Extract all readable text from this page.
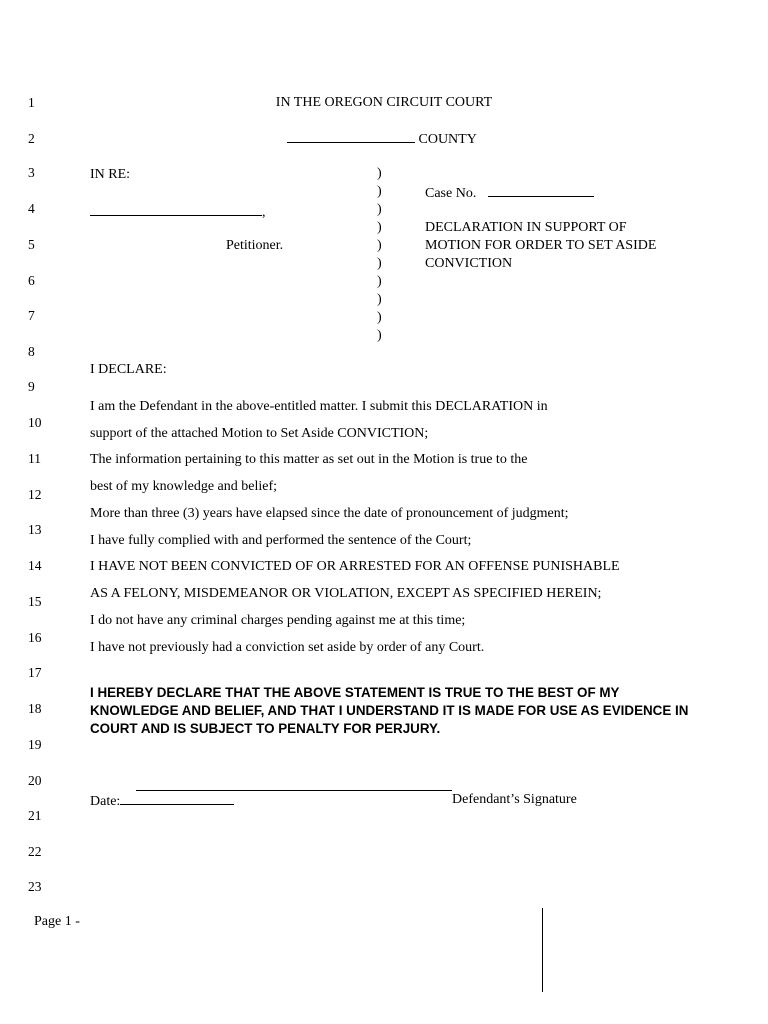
1
2
3
4
5
6
7
8
9
10
11
12
13
14
15
16
17
18
19
20
21
22
23
IN THE OREGON CIRCUIT COURT
COUNTY
IN RE:
,
Petitioner.
)
)
)
)
)
)
)
)
)
)
Case No.
DECLARATION IN SUPPORT OF
MOTION FOR ORDER TO SET ASIDE
CONVICTION
I DECLARE:
I am the Defendant in the above-entitled matter. I submit this DECLARATION in
support of the attached Motion to Set Aside CONVICTION;
The information pertaining to this matter as set out in the Motion is true to the
best of my knowledge and belief;
More than three (3) years have elapsed since the date of pronouncement of judgment;
I have fully complied with and performed the sentence of the Court;
I HAVE NOT BEEN CONVICTED OF OR ARRESTED FOR AN OFFENSE PUNISHABLE
AS A FELONY, MISDEMEANOR OR VIOLATION, EXCEPT AS SPECIFIED HEREIN;
I do not have any criminal charges pending against me at this time;
I have not previously had a conviction set aside by order of any Court.
I HEREBY DECLARE THAT THE ABOVE STATEMENT IS TRUE TO THE BEST OF MY KNOWLEDGE AND BELIEF, AND THAT I UNDERSTAND IT IS MADE FOR USE AS EVIDENCE IN COURT AND IS SUBJECT TO PENALTY FOR PERJURY.
Date:	Defendant’s Signature
Page 1 -
